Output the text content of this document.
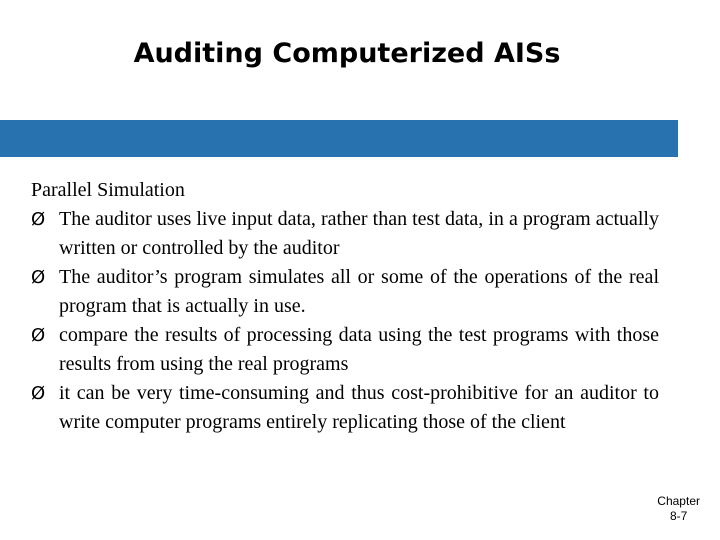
Auditing Computerized AISs

Parallel Simulation

Ø The auditor uses live input data, rather than test data, in a program actually written or controlled by the auditor
Ø The auditor’s program simulates all or some of the operations of the real program that is actually in use.
Ø compare the results of processing data using the test programs with those results from using the real programs
Ø it can be very time-consuming and thus cost-prohibitive for an auditor to write computer programs entirely replicating those of the client
Chapter
8-7
